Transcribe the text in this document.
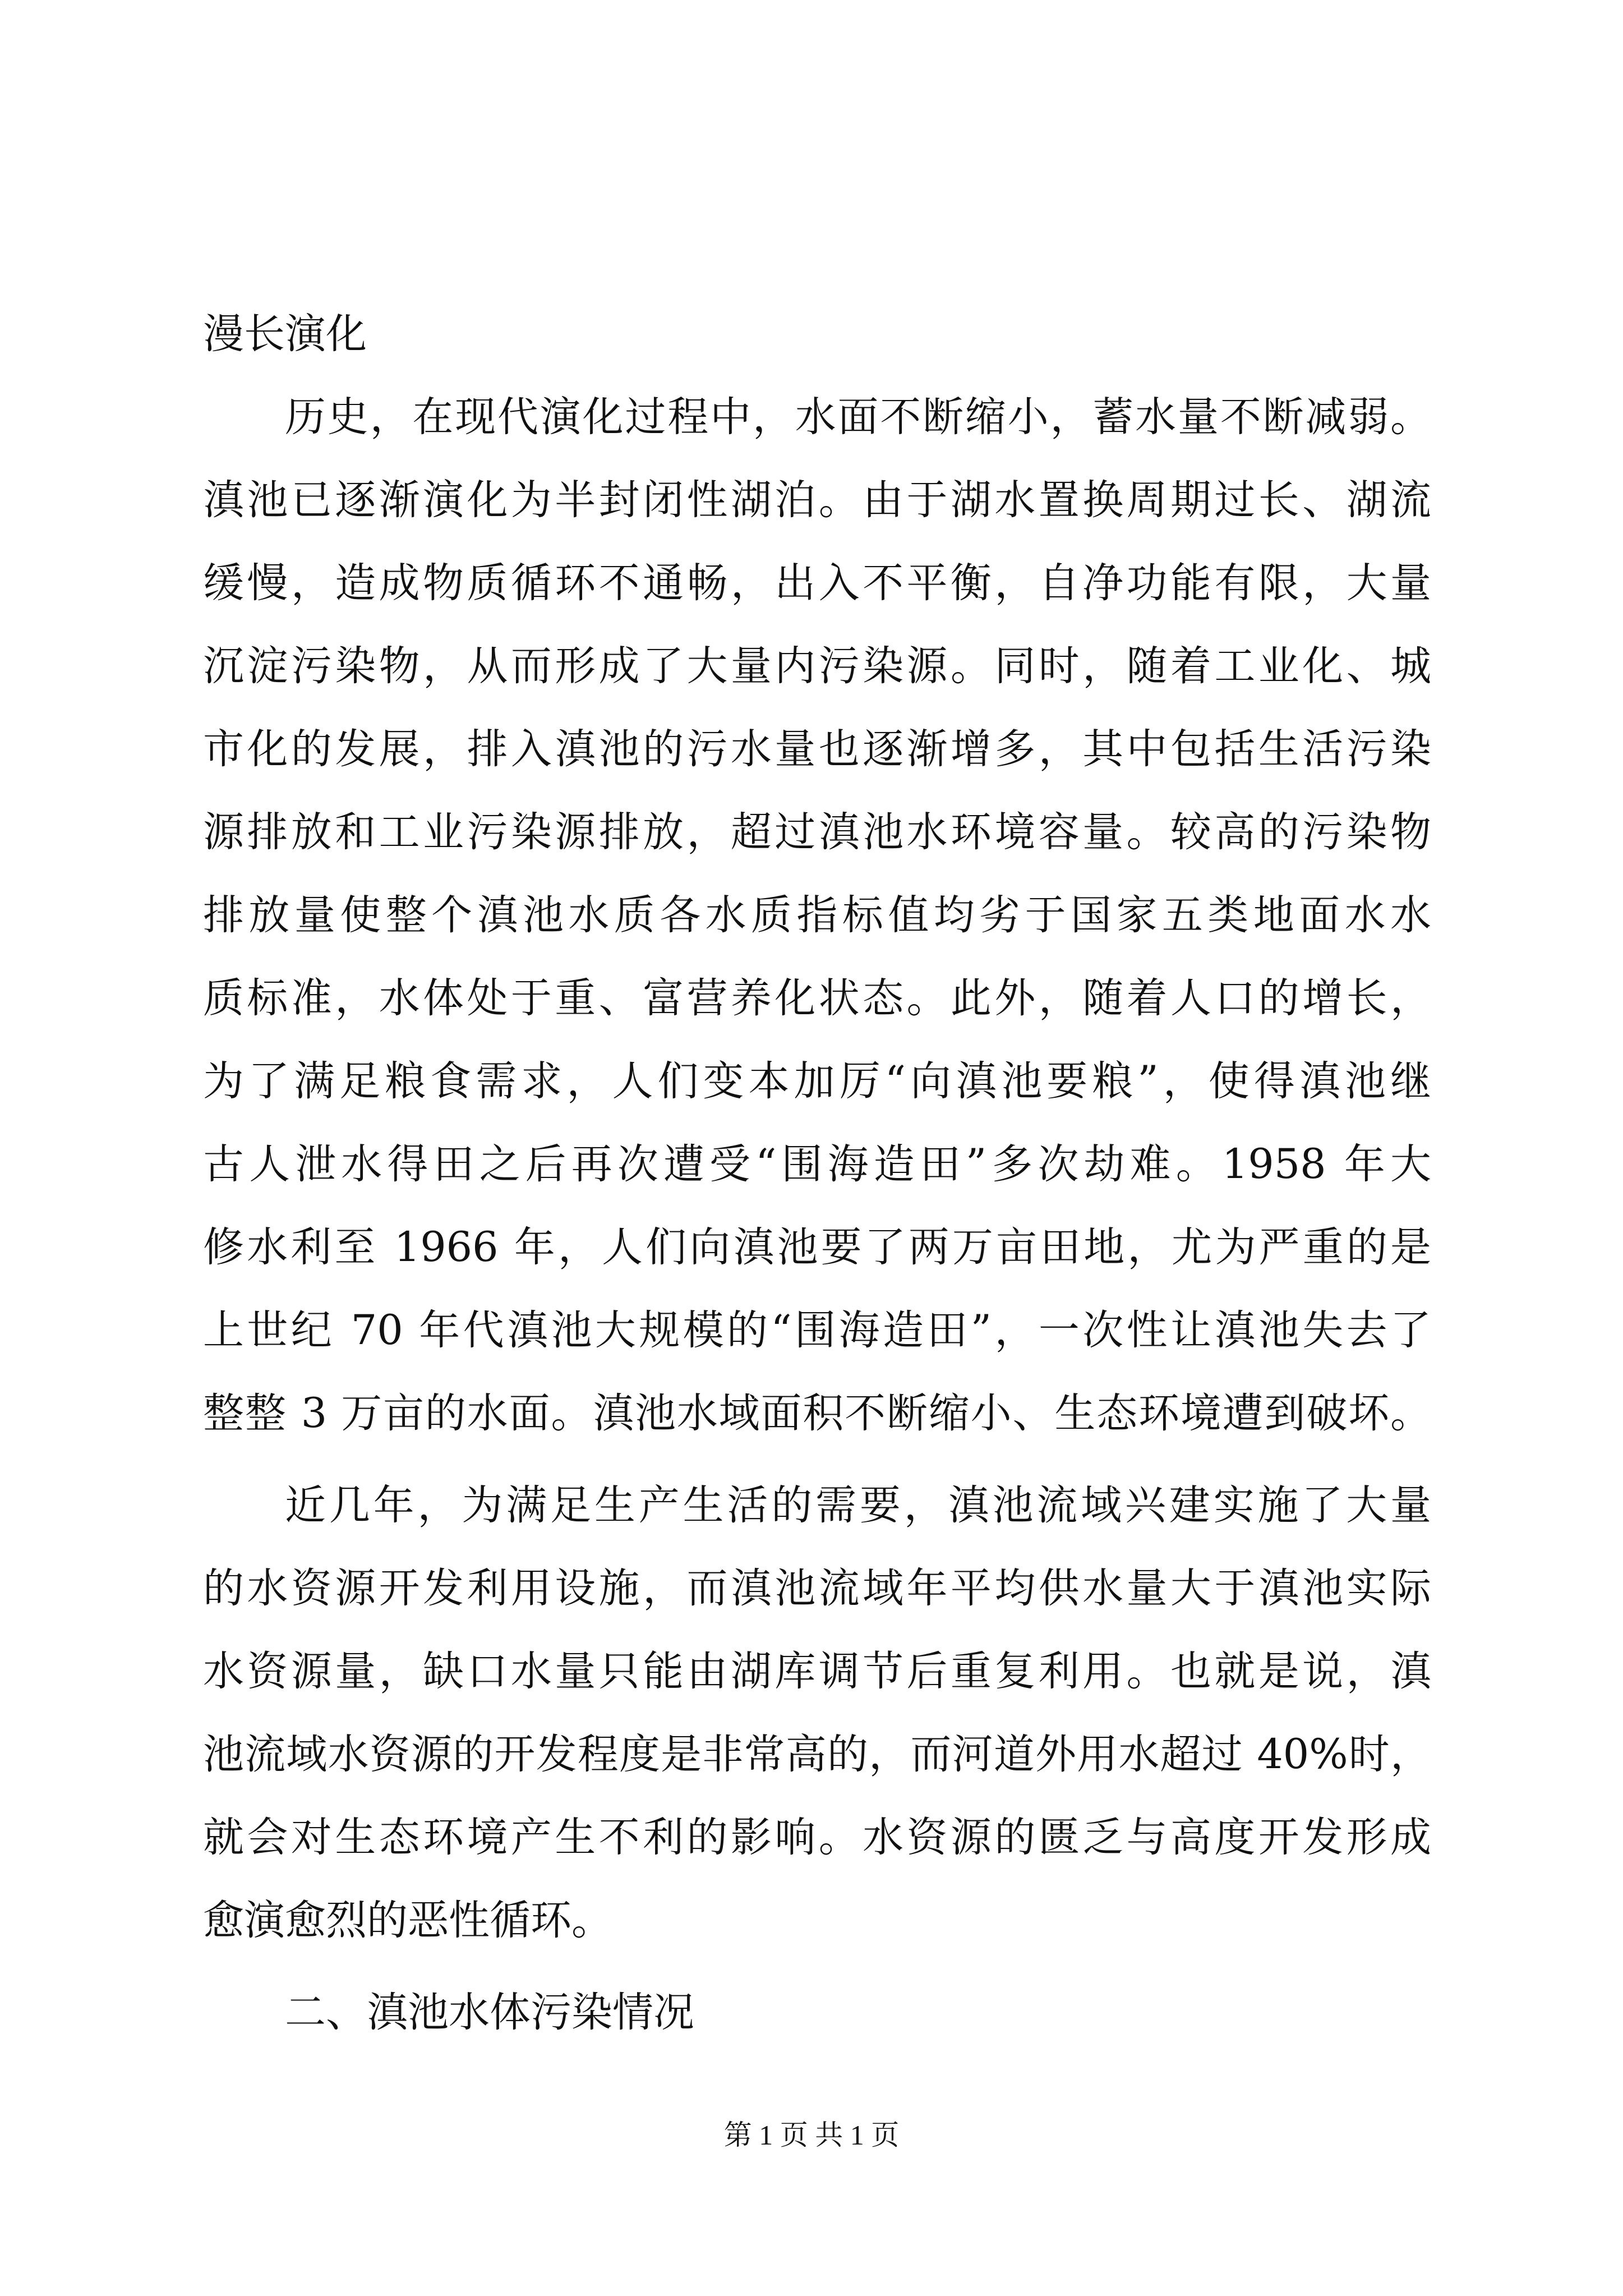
漫长演化
历史，在现代演化过程中，水面不断缩小，蓄水量不断减弱。
滇池已逐渐演化为半封闭性湖泊。由于湖水置换周期过长、湖流
缓慢，造成物质循环不通畅，出入不平衡，自净功能有限，大量
沉淀污染物，从而形成了大量内污染源。同时，随着工业化、城
市化的发展，排入滇池的污水量也逐渐增多，其中包括生活污染
源排放和工业污染源排放，超过滇池水环境容量。较高的污染物
排放量使整个滇池水质各水质指标值均劣于国家五类地面水水
质标准，水体处于重、富营养化状态。此外，随着人口的增长，
为了满足粮食需求，人们变本加厉“向滇池要粮”，使得滇池继
古人泄水得田之后再次遭受“围海造田”多次劫难。1958 年大
修水利至 1966 年，人们向滇池要了两万亩田地，尤为严重的是
上世纪 70 年代滇池大规模的“围海造田”，一次性让滇池失去了
整整 3 万亩的水面。滇池水域面积不断缩小、生态环境遭到破坏。
近几年，为满足生产生活的需要，滇池流域兴建实施了大量
的水资源开发利用设施，而滇池流域年平均供水量大于滇池实际
水资源量，缺口水量只能由湖库调节后重复利用。也就是说，滇
池流域水资源的开发程度是非常高的，而河道外用水超过 40%时，
就会对生态环境产生不利的影响。水资源的匮乏与高度开发形成
愈演愈烈的恶性循环。
二、滇池水体污染情况
第 1 页 共 1 页
